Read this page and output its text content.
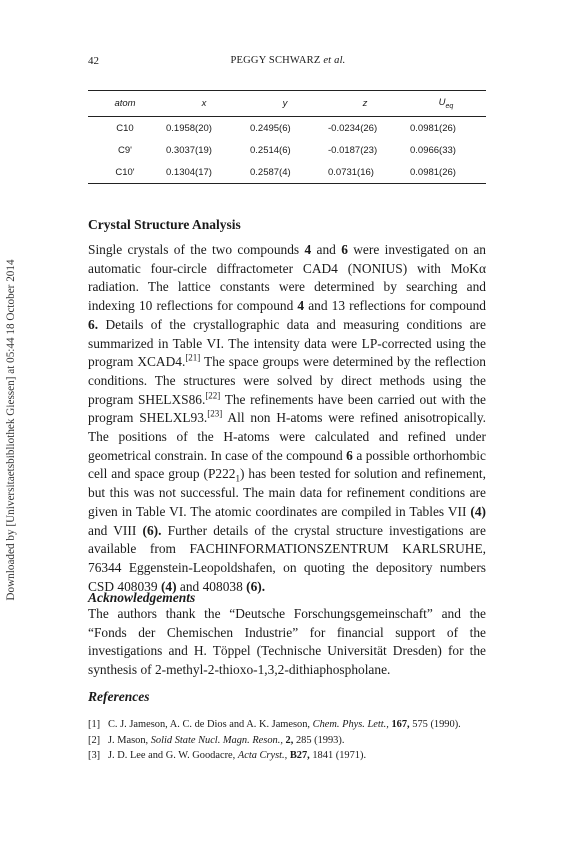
Downloaded by [Universitaetsbibliothek Giessen] at 05:44 18 October 2014
42	PEGGY SCHWARZ et al.
atom	x	y	z	$U_{eq}$
C10	0.1958(20)	0.2495(6)	-0.0234(26)	0.0981(26)
C9'	0.3037(19)	0.2514(6)	-0.0187(23)	0.0966(33)
C10'	0.1304(17)	0.2587(4)	0.0731(16)	0.0981(26)
Crystal Structure Analysis

Single crystals of the two compounds 4 and 6 were investigated on an automatic four-circle diffractometer CAD4 (NONIUS) with MoKα radiation. The lattice constants were determined by searching and indexing 10 reflections for compound 4 and 13 reflections for compound 6. Details of the crystallographic data and measuring conditions are summarized in Table VI. The intensity data were LP-corrected using the program XCAD4.[21] The space groups were determined by the reflection conditions. The structures were solved by direct methods using the program SHELXS86.[22] The refinements have been carried out with the program SHELXL93.[23] All non H-atoms were refined anisotropically. The positions of the H-atoms were calculated and refined under geometrical constrain. In case of the compound 6 a possible orthorhombic cell and space group $(P222_1)$ has been tested for solution and refinement, but this was not successful. The main data for refinement conditions are given in Table VI. The atomic coordinates are compiled in Tables VII (4) and VIII (6). Further details of the crystal structure investigations are available from FACHINFORMATIONSZENTRUM KARLSRUHE, 76344 Eggenstein-Leopoldshafen, on quoting the depository numbers CSD 408039 (4) and 408038 (6).

Acknowledgements

The authors thank the “Deutsche Forschungsgemeinschaft” and the “Fonds der Chemischen Industrie” for financial support of the investigations and H. Töppel (Technische Universität Dresden) for the synthesis of 2-methyl-2-thioxo-1,3,2-dithiaphospholane.

References
[1] C. J. Jameson, A. C. de Dios and A. K. Jameson, Chem. Phys. Lett., 167, 575 (1990).
[2] J. Mason, Solid State Nucl. Magn. Reson., 2, 285 (1993).
[3] J. D. Lee and G. W. Goodacre, Acta Cryst., B27, 1841 (1971).
